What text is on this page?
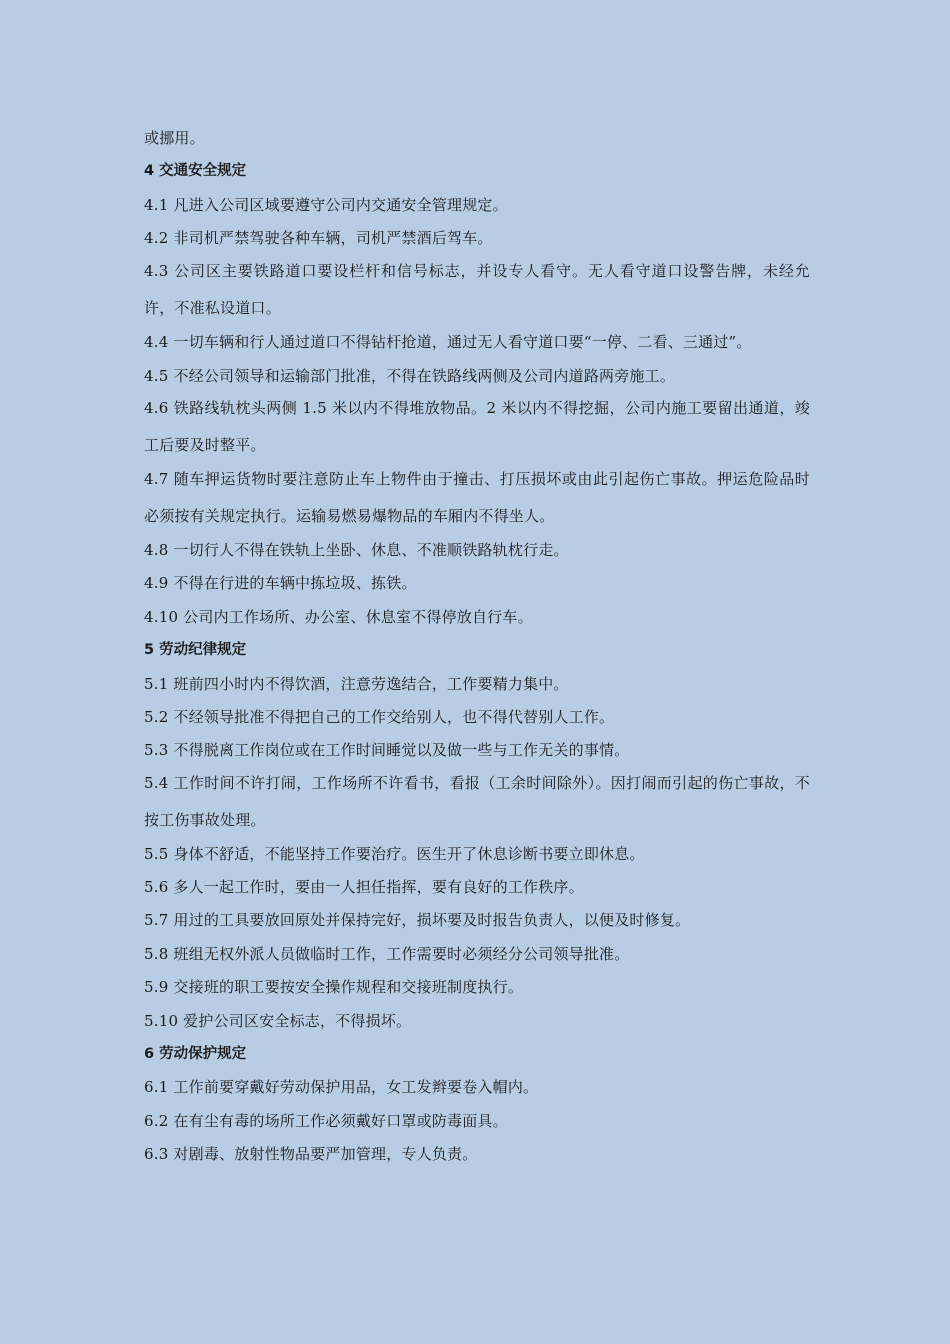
或挪用。
4 交通安全规定
4.1 凡进入公司区域要遵守公司内交通安全管理规定。
4.2 非司机严禁驾驶各种车辆，司机严禁酒后驾车。
4.3 公司区主要铁路道口要设栏杆和信号标志，并设专人看守。无人看守道口设警告牌，未经允许，不准私设道口。
4.4 一切车辆和行人通过道口不得钻杆抢道，通过无人看守道口要“一停、二看、三通过”。
4.5 不经公司领导和运输部门批准，不得在铁路线两侧及公司内道路两旁施工。
4.6 铁路线轨枕头两侧 1.5 米以内不得堆放物品。2 米以内不得挖掘，公司内施工要留出通道，竣工后要及时整平。
4.7 随车押运货物时要注意防止车上物件由于撞击、打压损坏或由此引起伤亡事故。押运危险品时必须按有关规定执行。运输易燃易爆物品的车厢内不得坐人。
4.8 一切行人不得在铁轨上坐卧、休息、不准顺铁路轨枕行走。
4.9 不得在行进的车辆中拣垃圾、拣铁。
4.10 公司内工作场所、办公室、休息室不得停放自行车。
5 劳动纪律规定
5.1 班前四小时内不得饮酒，注意劳逸结合，工作要精力集中。
5.2 不经领导批准不得把自己的工作交给别人，也不得代替别人工作。
5.3 不得脱离工作岗位或在工作时间睡觉以及做一些与工作无关的事情。
5.4 工作时间不许打闹，工作场所不许看书，看报（工余时间除外）。因打闹而引起的伤亡事故，不按工伤事故处理。
5.5 身体不舒适，不能坚持工作要治疗。医生开了休息诊断书要立即休息。
5.6 多人一起工作时，要由一人担任指挥，要有良好的工作秩序。
5.7 用过的工具要放回原处并保持完好，损坏要及时报告负责人，以便及时修复。
5.8 班组无权外派人员做临时工作，工作需要时必须经分公司领导批准。
5.9 交接班的职工要按安全操作规程和交接班制度执行。
5.10 爱护公司区安全标志，不得损坏。
6 劳动保护规定
6.1 工作前要穿戴好劳动保护用品，女工发辫要卷入帽内。
6.2 在有尘有毒的场所工作必须戴好口罩或防毒面具。
6.3 对剧毒、放射性物品要严加管理，专人负责。
